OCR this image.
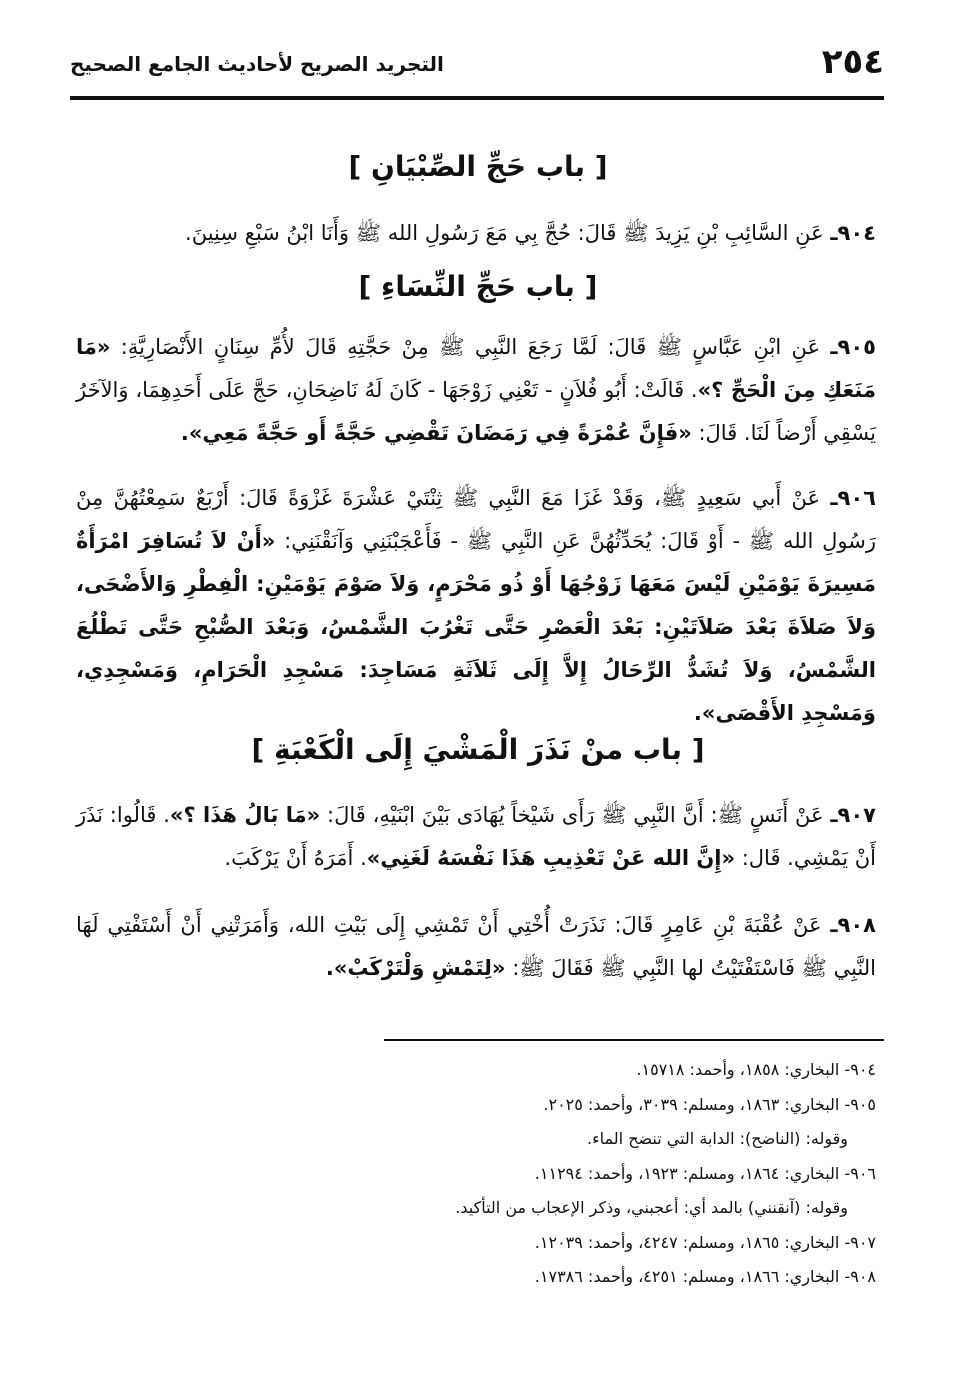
٢٥٤
التجريد الصريح لأحاديث الجامع الصحيح
[ باب حَجِّ الصِّبْيَانِ ]
٩٠٤ـ عَنِ السَّائِبِ بْنِ يَزِيدَ ﷺ قَالَ: حُجَّ بِي مَعَ رَسُولِ الله ﷺ وَأَنَا ابْنُ سَبْعِ سِنِينَ.
[ باب حَجِّ النِّسَاءِ ]
٩٠٥ـ عَنِ ابْنِ عَبَّاسٍ ﷺ قَالَ: لَمَّا رَجَعَ النَّبِي ﷺ مِنْ حَجَّتِهِ قَالَ لأُمِّ سِنَانٍ الأَنْصَارِيَّةِ: «مَا مَنَعَكِ مِنَ الْحَجِّ ؟». قَالَتْ: أَبُو فُلاَنٍ - تَعْنِي زَوْجَهَا - كَانَ لَهُ نَاضِحَانِ، حَجَّ عَلَى أَحَدِهِمَا، وَالآخَرُ يَسْقِي أَرْضاً لَنَا. قَالَ: «فَإِنَّ عُمْرَةً فِي رَمَضَانَ تَقْضِي حَجَّةً أَو حَجَّةً مَعِي».
٩٠٦ـ عَنْ أَبي سَعِيدٍ ﷺ، وَقَدْ غَزَا مَعَ النَّبِي ﷺ ثِنْتَيْ عَشْرَةَ غَزْوَةً قَالَ: أَرْبَعٌ سَمِعْتُهُنَّ مِنْ رَسُولِ الله ﷺ - أَوْ قَالَ: يُحَدِّثُهُنَّ عَنِ النَّبِي ﷺ - فَأَعْجَبْنَنِي وَآنَقْنَنِي: «أَنْ لاَ تُسَافِرَ امْرَأَةٌ مَسِيرَةَ يَوْمَيْنِ لَيْسَ مَعَهَا زَوْجُهَا أَوْ ذُو مَحْرَمٍ، وَلاَ صَوْمَ يَوْمَيْنِ: الْفِطْرِ وَالأَضْحَى، وَلاَ صَلاَةَ بَعْدَ صَلاَتَيْنِ: بَعْدَ الْعَصْرِ حَتَّى تَغْرُبَ الشَّمْسُ، وَبَعْدَ الصُّبْحِ حَتَّى تَطْلُعَ الشَّمْسُ، وَلاَ تُشَدُّ الرِّحَالُ إِلاَّ إِلَى ثَلاَثَةِ مَسَاجِدَ: مَسْجِدِ الْحَرَامِ، وَمَسْجِدِي، وَمَسْجِدِ الأَقْصَى».
[ باب منْ نَذَرَ الْمَشْيَ إِلَى الْكَعْبَةِ ]
٩٠٧ـ عَنْ أَنَسٍ ﷺ: أَنَّ النَّبِي ﷺ رَأَى شَيْخاً يُهَادَى بَيْنَ ابْنَيْهِ، قَالَ: «مَا بَالُ هَذَا ؟». قَالُوا: نَذَرَ أَنْ يَمْشِي. قَال: «إِنَّ الله عَنْ تَعْذِيبِ هَذَا نَفْسَهُ لَغَنِي». أَمَرَهُ أَنْ يَرْكَبَ.
٩٠٨ـ عَنْ عُقْبَةَ بْنِ عَامِرٍ قَالَ: نَذَرَتْ أُخْتِي أَنْ تَمْشِي إِلَى بَيْتِ الله، وَأَمَرَتْنِي أَنْ أَسْتَفْتِي لَهَا النَّبِي ﷺ فَاسْتَفْتَيْتُ لها النَّبِي ﷺ فَقَالَ ﷺ: «لِتَمْشِ وَلْتَرْكَبْ».
٩٠٤- البخاري: ١٨٥٨، وأحمد: ١٥٧١٨.
٩٠٥- البخاري: ١٨٦٣، ومسلم: ٣٠٣٩، وأحمد: ٢٠٢٥.
وقوله: (الناضح): الدابة التي تنضح الماء.
٩٠٦- البخاري: ١٨٦٤، ومسلم: ١٩٢٣، وأحمد: ١١٢٩٤.
وقوله: (آنقنني) بالمد أي: أعجبني، وذكر الإعجاب من التأكيد.
٩٠٧- البخاري: ١٨٦٥، ومسلم: ٤٢٤٧، وأحمد: ١٢٠٣٩.
٩٠٨- البخاري: ١٨٦٦، ومسلم: ٤٢٥١، وأحمد: ١٧٣٨٦.
